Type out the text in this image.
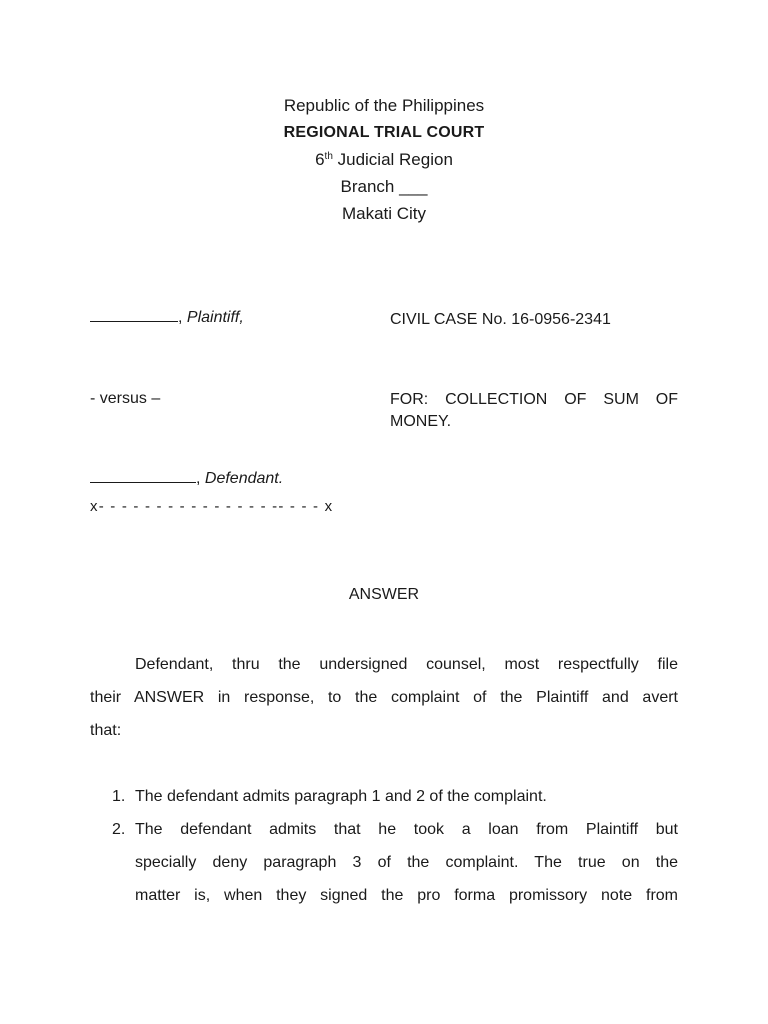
Republic of the Philippines
REGIONAL TRIAL COURT
6th Judicial Region
Branch ___
Makati City
, Plaintiff,	CIVIL CASE No. 16-0956-2341
- versus –	FOR: COLLECTION OF SUM OF
MONEY.
, Defendant.
x- - - - - - - - - - - - - - - -- - - - x
ANSWER
Defendant, thru the undersigned counsel, most respectfully file
their ANSWER in response, to the complaint of the Plaintiff and avert
that:
1. The defendant admits paragraph 1 and 2 of the complaint.
2. The defendant admits that he took a loan from Plaintiff but
specially deny paragraph 3 of the complaint. The true on the
matter is, when they signed the pro forma promissory note from
